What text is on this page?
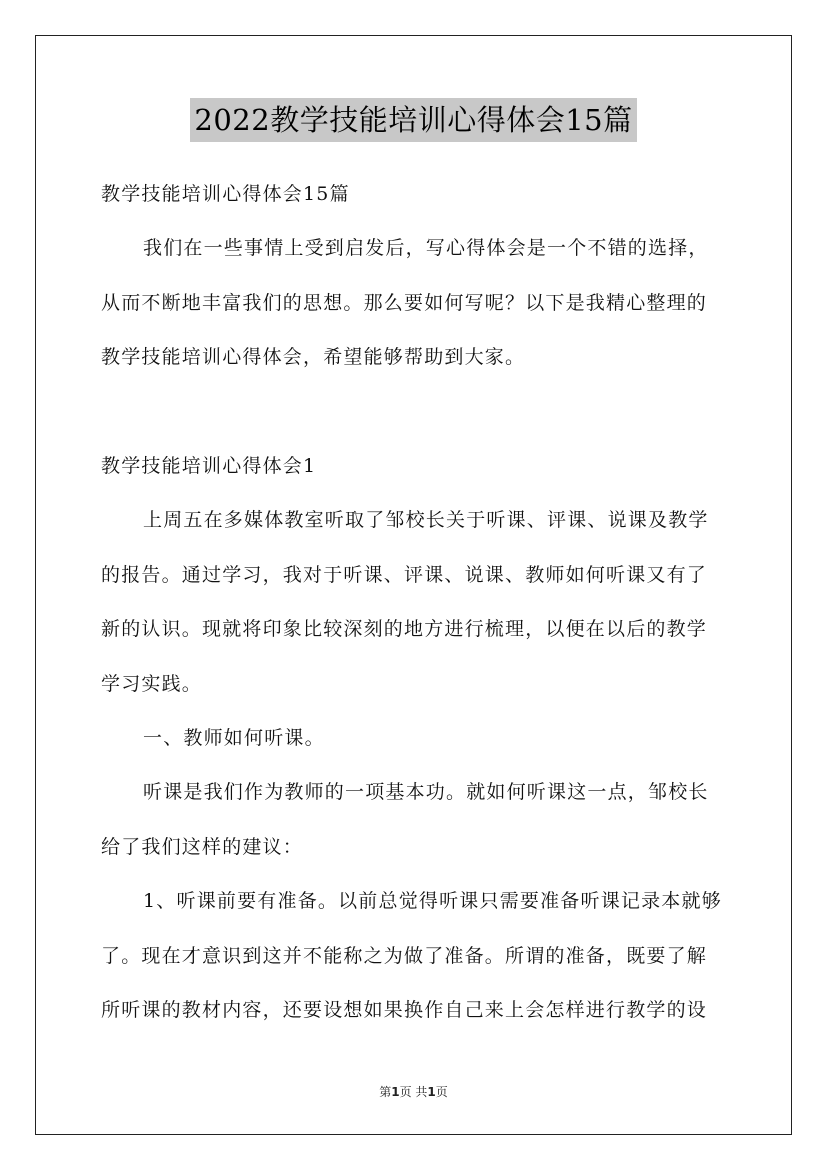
2022教学技能培训心得体会15篇
教学技能培训心得体会15篇
我们在一些事情上受到启发后，写心得体会是一个不错的选择，
从而不断地丰富我们的思想。那么要如何写呢？以下是我精心整理的
教学技能培训心得体会，希望能够帮助到大家。
教学技能培训心得体会1
上周五在多媒体教室听取了邹校长关于听课、评课、说课及教学
的报告。通过学习，我对于听课、评课、说课、教师如何听课又有了
新的认识。现就将印象比较深刻的地方进行梳理，以便在以后的教学
学习实践。
一、教师如何听课。
听课是我们作为教师的一项基本功。就如何听课这一点，邹校长
给了我们这样的建议：
1、听课前要有准备。以前总觉得听课只需要准备听课记录本就够
了。现在才意识到这并不能称之为做了准备。所谓的准备，既要了解
所听课的教材内容，还要设想如果换作自己来上会怎样进行教学的设
第1页 共1页
